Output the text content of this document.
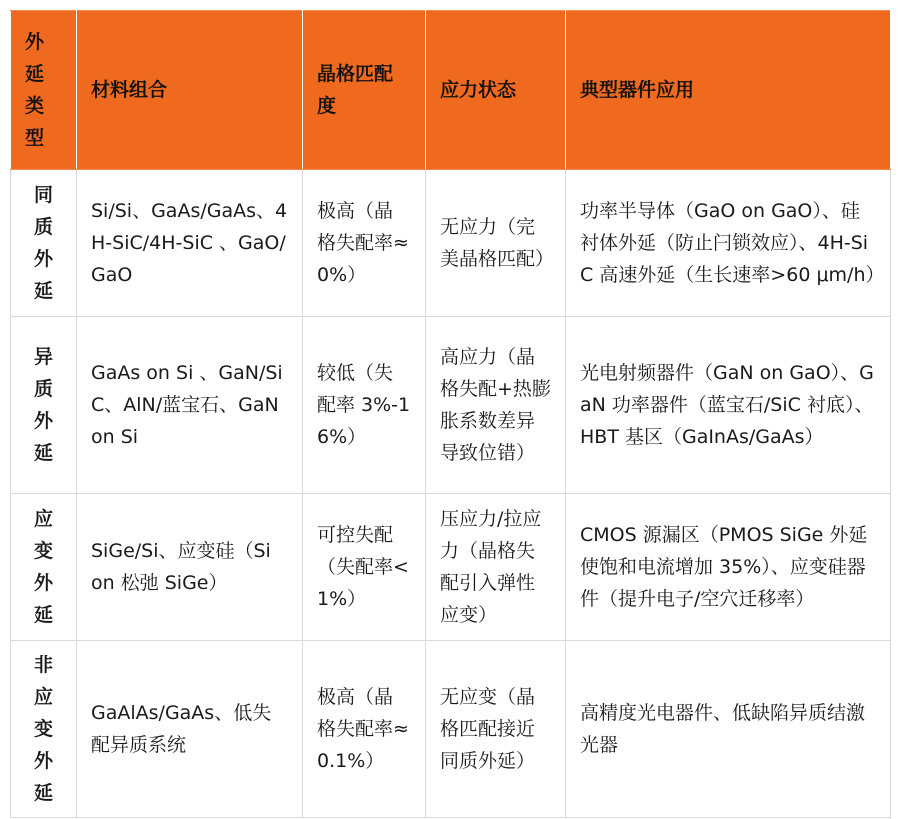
外延类型	材料组合	晶格匹配度	应力状态	典型器件应用

同质外延	Si/Si、GaAs/GaAs、4H-SiC/4H-SiC 、GaO/GaO	极高（晶格失配率≈0%）	无应力（完美晶格匹配）	功率半导体（GaO on GaO）、硅衬体外延（防止闩锁效应）、4H-SiC 高速外延（生长速率>60 μm/h）

异质外延	GaAs on Si 、GaN/SiC、AlN/蓝宝石、GaN on Si	较低（失配率 3%-16%）	高应力（晶格失配+热膨胀系数差异导致位错）	光电射频器件（GaN on GaO）、GaN 功率器件（蓝宝石/SiC 衬底）、HBT 基区（GaInAs/GaAs）

应变外延	SiGe/Si、应变硅（Si on 松弛 SiGe）	可控失配（失配率<1%）	压应力/拉应力（晶格失配引入弹性应变）	CMOS 源漏区（PMOS SiGe 外延使饱和电流增加 35%）、应变硅器件（提升电子/空穴迁移率）

非应变外延	GaAlAs/GaAs、低失配异质系统	极高（晶格失配率≈0.1%）	无应变（晶格匹配接近同质外延）	高精度光电器件、低缺陷异质结激光器
